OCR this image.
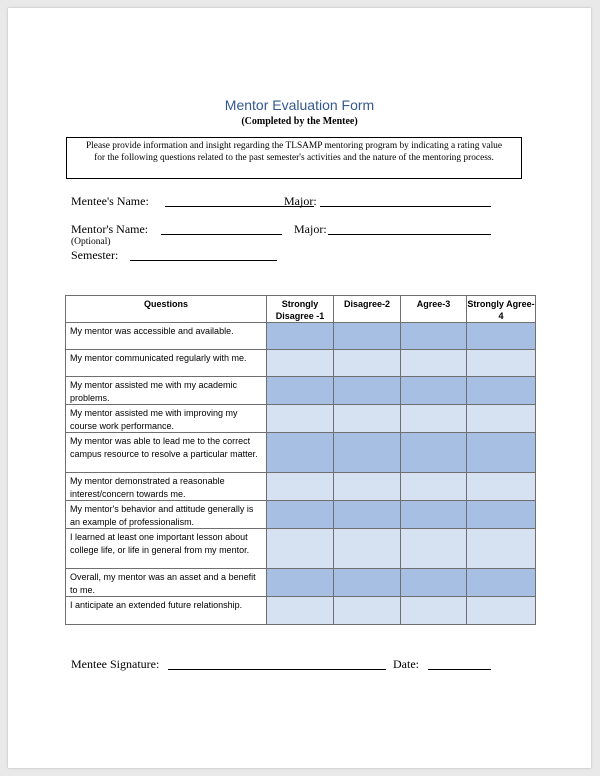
Mentor Evaluation Form
(Completed by the Mentee)
Please provide information and insight regarding the TLSAMP mentoring program by indicating a rating value for the following questions related to the past semester's activities and the nature of the mentoring process.
Mentee's Name:	Major:
Mentor's Name:	Major:
(Optional)
Semester:
Questions	Strongly Disagree -1	Disagree-2	Agree-3	Strongly Agree-4
My mentor was accessible and available.				
My mentor communicated regularly with me.				
My mentor assisted me with my academic problems.				
My mentor assisted me with improving my course work performance.				
My mentor was able to lead me to the correct campus resource to resolve a particular matter.				
My mentor demonstrated a reasonable interest/concern towards me.				
My mentor's behavior and attitude generally is an example of professionalism.				
I learned at least one important lesson about college life, or life in general from my mentor.				
Overall, my mentor was an asset and a benefit to me.				
I anticipate an extended future relationship.				
Mentee Signature:	Date:
